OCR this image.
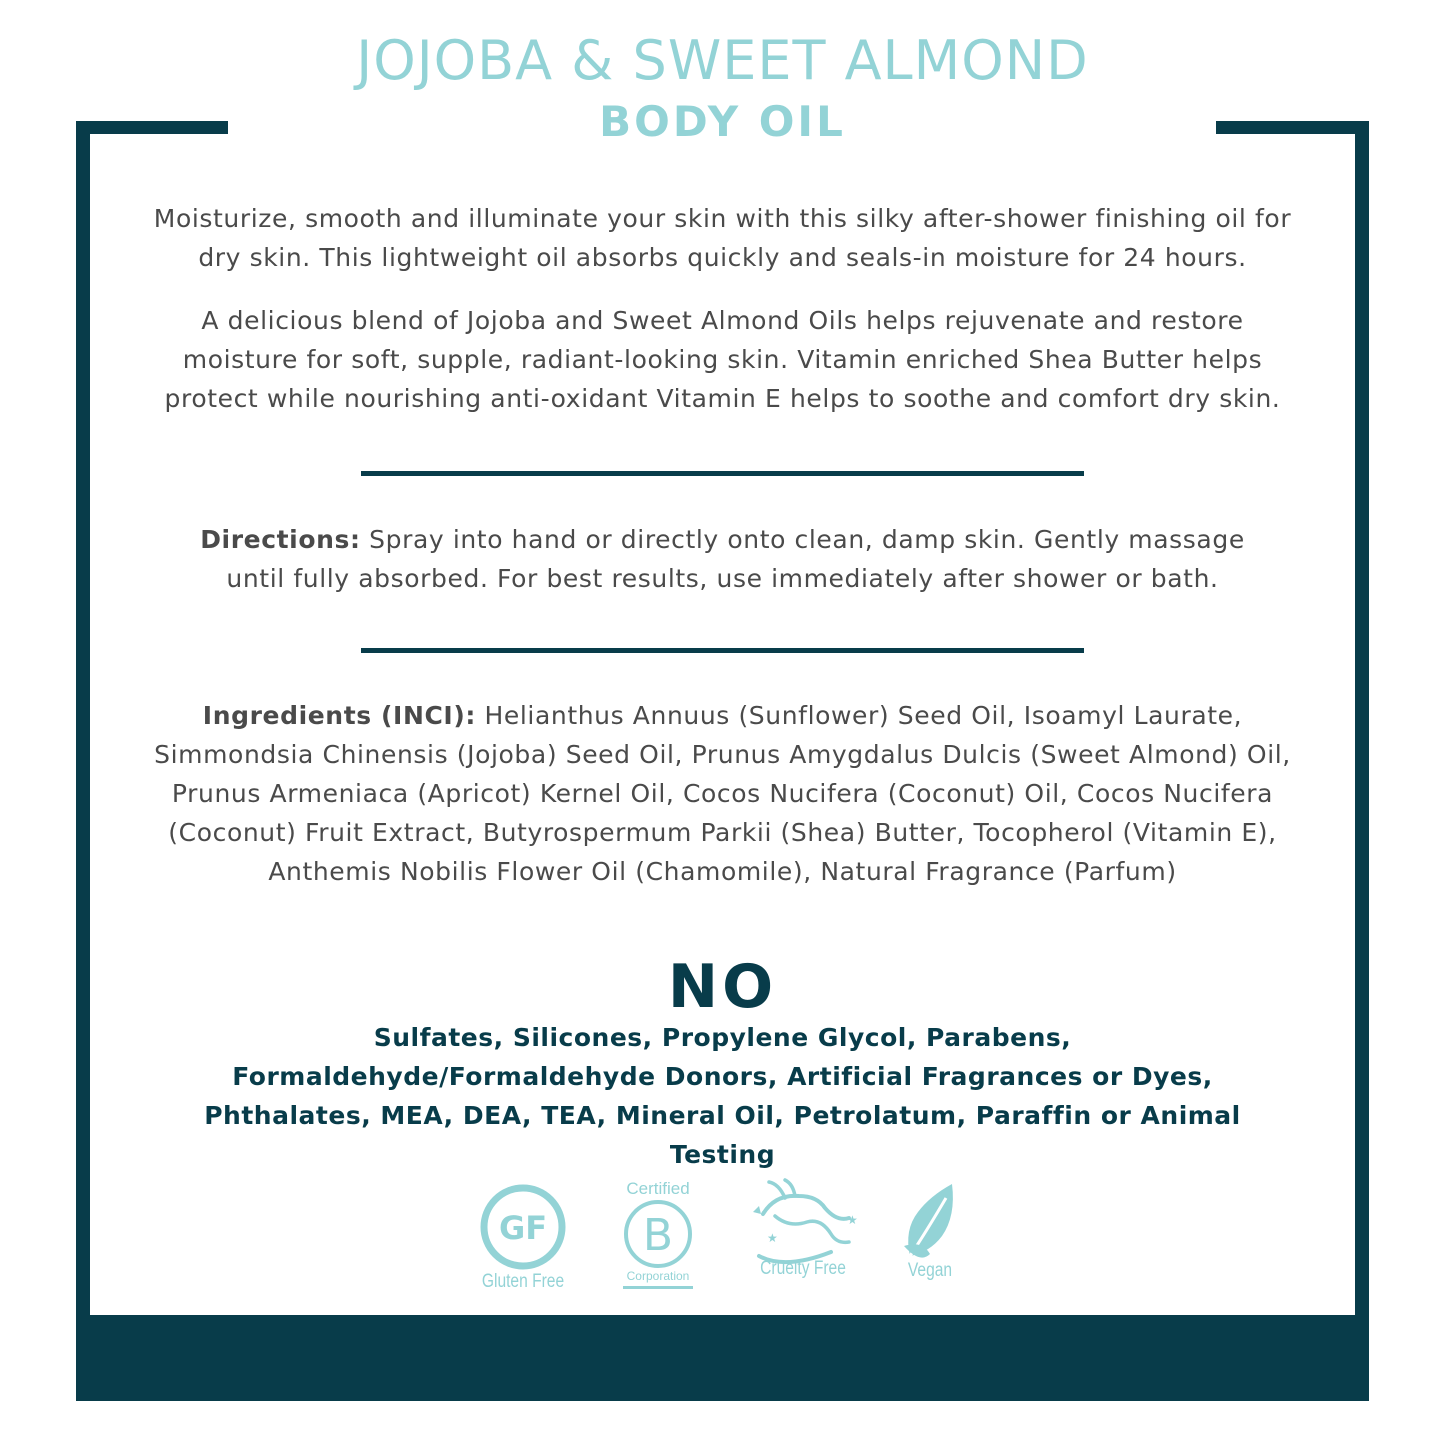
JOJOBA & SWEET ALMOND
BODY OIL

Moisturize, smooth and illuminate your skin with this silky after-shower finishing oil for dry skin. This lightweight oil absorbs quickly and seals-in moisture for 24 hours.

A delicious blend of Jojoba and Sweet Almond Oils helps rejuvenate and restore moisture for soft, supple, radiant-looking skin. Vitamin enriched Shea Butter helps protect while nourishing anti-oxidant Vitamin E helps to soothe and comfort dry skin.

Directions: Spray into hand or directly onto clean, damp skin. Gently massage until fully absorbed. For best results, use immediately after shower or bath.

Ingredients (INCI): Helianthus Annuus (Sunflower) Seed Oil, Isoamyl Laurate, Simmondsia Chinensis (Jojoba) Seed Oil, Prunus Amygdalus Dulcis (Sweet Almond) Oil, Prunus Armeniaca (Apricot) Kernel Oil, Cocos Nucifera (Coconut) Oil, Cocos Nucifera (Coconut) Fruit Extract, Butyrospermum Parkii (Shea) Butter, Tocopherol (Vitamin E), Anthemis Nobilis Flower Oil (Chamomile), Natural Fragrance (Parfum)

NO

Sulfates, Silicones, Propylene Glycol, Parabens, Formaldehyde/Formaldehyde Donors, Artificial Fragrances or Dyes, Phthalates, MEA, DEA, TEA, Mineral Oil, Petrolatum, Paraffin or Animal Testing

GF
Gluten Free
Certified
B
Corporation
★
★
Cruelty Free	Vegan
